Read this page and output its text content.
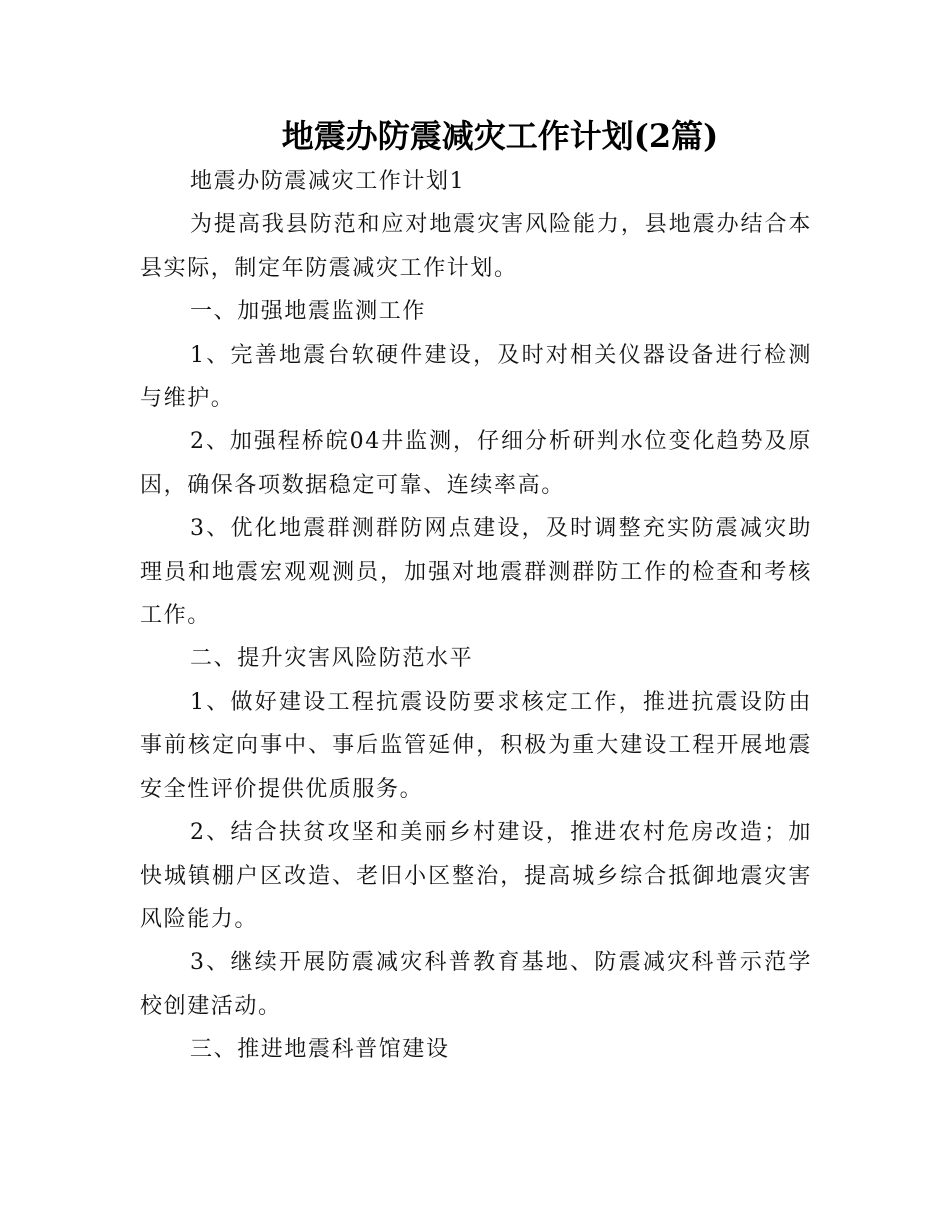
地震办防震减灾工作计划(2篇)

地震办防震减灾工作计划1

为提高我县防范和应对地震灾害风险能力，县地震办结合本县实际，制定年防震减灾工作计划。

一、加强地震监测工作

1、完善地震台软硬件建设，及时对相关仪器设备进行检测与维护。

2、加强程桥皖04井监测，仔细分析研判水位变化趋势及原因，确保各项数据稳定可靠、连续率高。

3、优化地震群测群防网点建设，及时调整充实防震减灾助理员和地震宏观观测员，加强对地震群测群防工作的检查和考核工作。

二、提升灾害风险防范水平

1、做好建设工程抗震设防要求核定工作，推进抗震设防由事前核定向事中、事后监管延伸，积极为重大建设工程开展地震安全性评价提供优质服务。

2、结合扶贫攻坚和美丽乡村建设，推进农村危房改造；加快城镇棚户区改造、老旧小区整治，提高城乡综合抵御地震灾害风险能力。

3、继续开展防震减灾科普教育基地、防震减灾科普示范学校创建活动。

三、推进地震科普馆建设
